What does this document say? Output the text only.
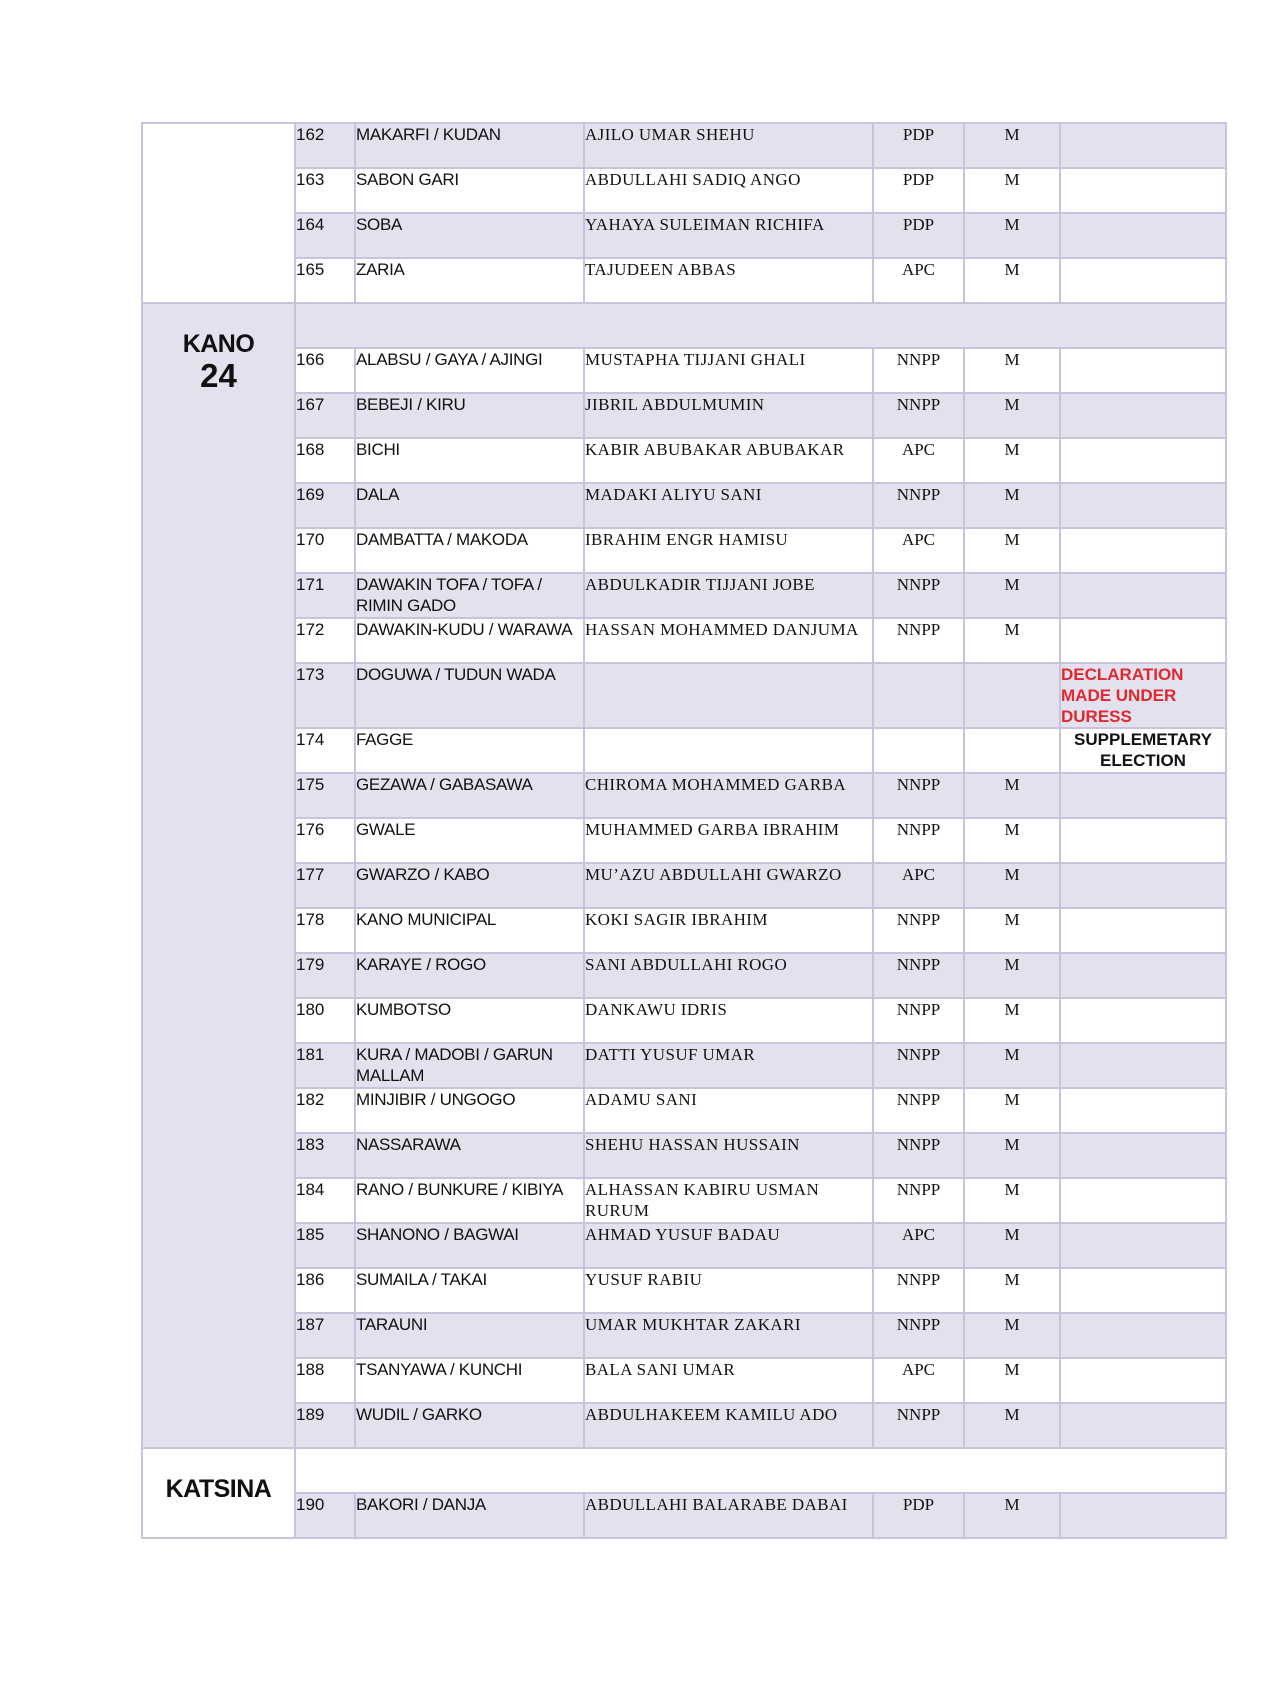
	162	MAKARFI / KUDAN	AJILO UMAR SHEHU	PDP	M	
	163	SABON GARI	ABDULLAHI SADIQ ANGO	PDP	M	
	164	SOBA	YAHAYA SULEIMAN RICHIFA	PDP	M	
	165	ZARIA	TAJUDEEN ABBAS	APC	M	

KANO
24						

	166	ALABSU / GAYA / AJINGI	MUSTAPHA TIJJANI GHALI	NNPP	M	
	167	BEBEJI / KIRU	JIBRIL ABDULMUMIN	NNPP	M	
	168	BICHI	KABIR ABUBAKAR ABUBAKAR	APC	M	
	169	DALA	MADAKI ALIYU SANI	NNPP	M	
	170	DAMBATTA / MAKODA	IBRAHIM ENGR HAMISU	APC	M	
	171	DAWAKIN TOFA / TOFA / RIMIN GADO	ABDULKADIR TIJJANI JOBE	NNPP	M	
	172	DAWAKIN-KUDU / WARAWA	HASSAN MOHAMMED DANJUMA	NNPP	M	
	173	DOGUWA / TUDUN WADA				DECLARATION MADE UNDER DURESS
	174	FAGGE				SUPPLEMETARY ELECTION
	175	GEZAWA / GABASAWA	CHIROMA MOHAMMED GARBA	NNPP	M	
	176	GWALE	MUHAMMED GARBA IBRAHIM	NNPP	M	
	177	GWARZO / KABO	MU’AZU ABDULLAHI GWARZO	APC	M	
	178	KANO MUNICIPAL	KOKI SAGIR IBRAHIM	NNPP	M	
	179	KARAYE / ROGO	SANI ABDULLAHI ROGO	NNPP	M	
	180	KUMBOTSO	DANKAWU IDRIS	NNPP	M	
	181	KURA / MADOBI / GARUN MALLAM	DATTI YUSUF UMAR	NNPP	M	
	182	MINJIBIR / UNGOGO	ADAMU SANI	NNPP	M	
	183	NASSARAWA	SHEHU HASSAN HUSSAIN	NNPP	M	
	184	RANO / BUNKURE / KIBIYA	ALHASSAN KABIRU USMAN RURUM	NNPP	M	
	185	SHANONO / BAGWAI	AHMAD YUSUF BADAU	APC	M	
	186	SUMAILA / TAKAI	YUSUF RABIU	NNPP	M	
	187	TARAUNI	UMAR MUKHTAR ZAKARI	NNPP	M	
	188	TSANYAWA / KUNCHI	BALA SANI UMAR	APC	M	
	189	WUDIL / GARKO	ABDULHAKEEM KAMILU ADO	NNPP	M	

KATSINA						

	190	BAKORI / DANJA	ABDULLAHI BALARABE DABAI	PDP	M	
